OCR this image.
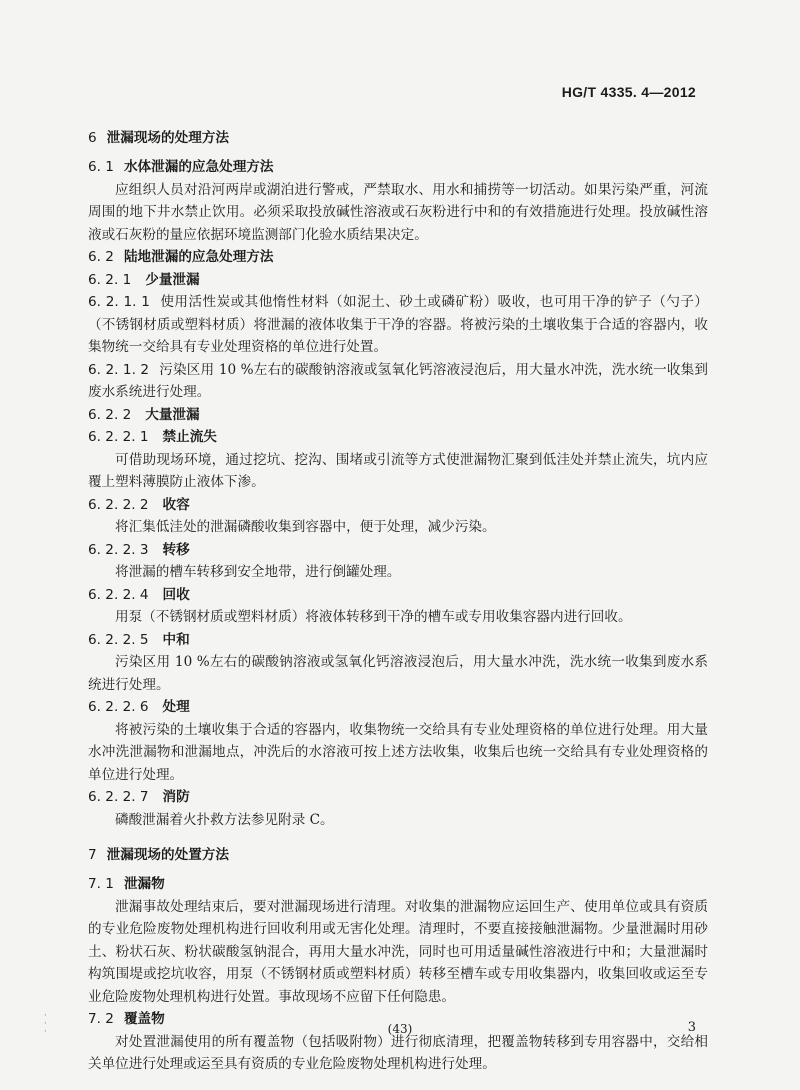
HG/T 4335. 4—2012
6 泄漏现场的处理方法
6. 1 水体泄漏的应急处理方法

应组织人员对沿河两岸或湖泊进行警戒，严禁取水、用水和捕捞等一切活动。如果污染严重，河流周围的地下井水禁止饮用。必须采取投放碱性溶液或石灰粉进行中和的有效措施进行处理。投放碱性溶液或石灰粉的量应依据环境监测部门化验水质结果决定。

6. 2 陆地泄漏的应急处理方法
6. 2. 1 少量泄漏

6. 2. 1. 1 使用活性炭或其他惰性材料（如泥土、砂土或磷矿粉）吸收，也可用干净的铲子（勺子）（不锈钢材质或塑料材质）将泄漏的液体收集于干净的容器。将被污染的土壤收集于合适的容器内，收集物统一交给具有专业处理资格的单位进行处置。

6. 2. 1. 2 污染区用 10 %左右的碳酸钠溶液或氢氧化钙溶液浸泡后，用大量水冲洗，洗水统一收集到废水系统进行处理。

6. 2. 2 大量泄漏
6. 2. 2. 1 禁止流失

可借助现场环境，通过挖坑、挖沟、围堵或引流等方式使泄漏物汇聚到低洼处并禁止流失，坑内应覆上塑料薄膜防止液体下渗。

6. 2. 2. 2 收容

将汇集低洼处的泄漏磷酸收集到容器中，便于处理，减少污染。

6. 2. 2. 3 转移

将泄漏的槽车转移到安全地带，进行倒罐处理。

6. 2. 2. 4 回收

用泵（不锈钢材质或塑料材质）将液体转移到干净的槽车或专用收集容器内进行回收。

6. 2. 2. 5 中和

污染区用 10 %左右的碳酸钠溶液或氢氧化钙溶液浸泡后，用大量水冲洗，洗水统一收集到废水系统进行处理。

6. 2. 2. 6 处理

将被污染的土壤收集于合适的容器内，收集物统一交给具有专业处理资格的单位进行处理。用大量水冲洗泄漏物和泄漏地点，冲洗后的水溶液可按上述方法收集，收集后也统一交给具有专业处理资格的单位进行处理。

6. 2. 2. 7 消防

磷酸泄漏着火扑救方法参见附录 C。

7 泄漏现场的处置方法
7. 1 泄漏物

泄漏事故处理结束后，要对泄漏现场进行清理。对收集的泄漏物应运回生产、使用单位或具有资质的专业危险废物处理机构进行回收利用或无害化处理。清理时，不要直接接触泄漏物。少量泄漏时用砂土、粉状石灰、粉状碳酸氢钠混合，再用大量水冲洗，同时也可用适量碱性溶液进行中和；大量泄漏时构筑围堤或挖坑收容，用泵（不锈钢材质或塑料材质）转移至槽车或专用收集器内，收集回收或运至专业危险废物处理机构进行处置。事故现场不应留下任何隐患。

7. 2 覆盖物

对处置泄漏使用的所有覆盖物（包括吸附物）进行彻底清理，把覆盖物转移到专用容器中，交给相关单位进行处理或运至具有资质的专业危险废物处理机构进行处理。

·
·
·	(43)	3
